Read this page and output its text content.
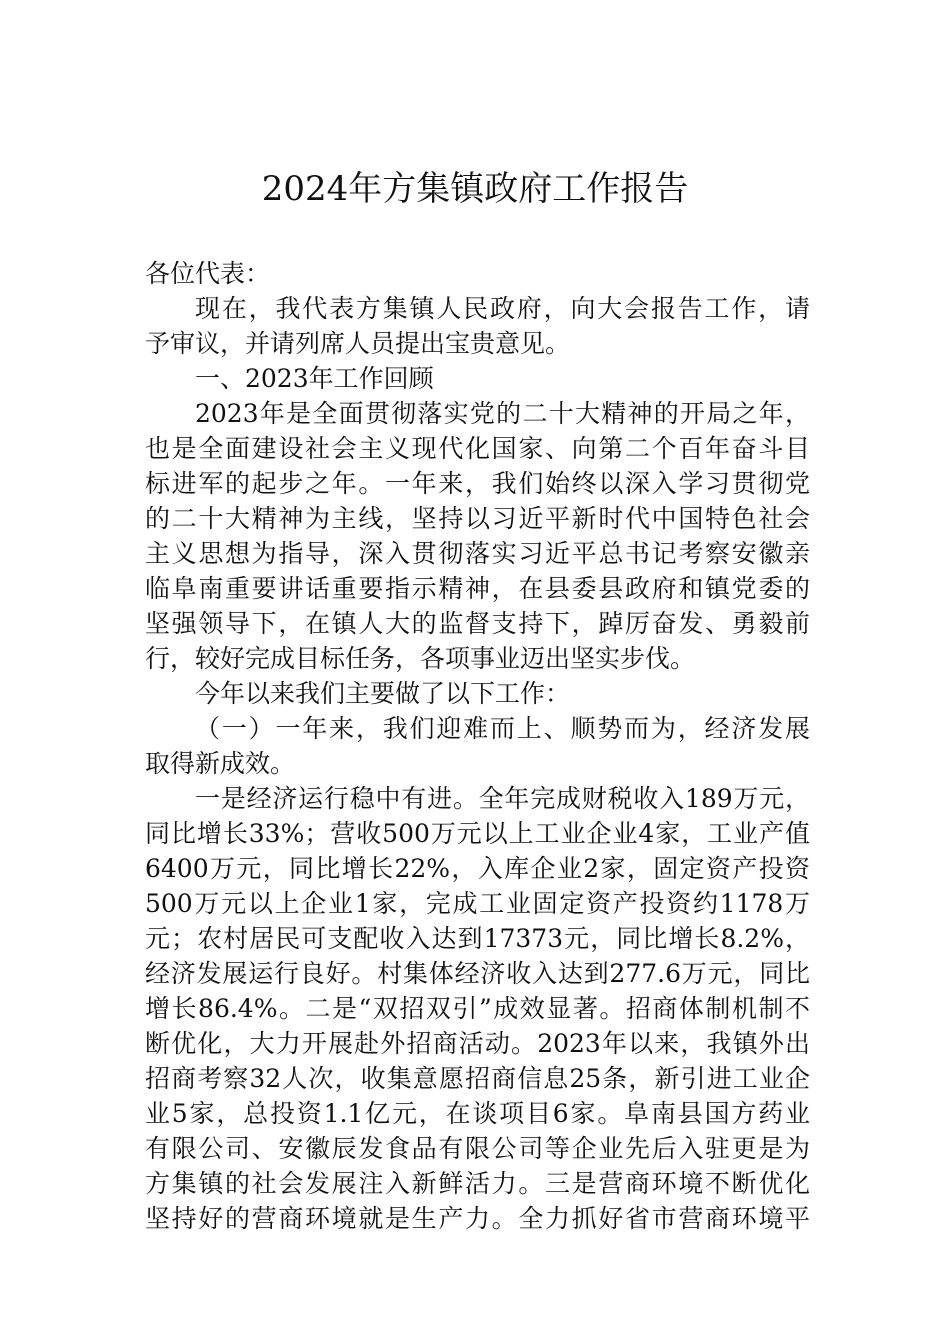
2024年方集镇政府工作报告
各位代表：
现在，我代表方集镇人民政府，向大会报告工作，请
予审议，并请列席人员提出宝贵意见。
一、2023年工作回顾
2023年是全面贯彻落实党的二十大精神的开局之年，
也是全面建设社会主义现代化国家、向第二个百年奋斗目
标进军的起步之年。一年来，我们始终以深入学习贯彻党
的二十大精神为主线，坚持以习近平新时代中国特色社会
主义思想为指导，深入贯彻落实习近平总书记考察安徽亲
临阜南重要讲话重要指示精神，在县委县政府和镇党委的
坚强领导下，在镇人大的监督支持下，踔厉奋发、勇毅前
行，较好完成目标任务，各项事业迈出坚实步伐。
今年以来我们主要做了以下工作：
（一）一年来，我们迎难而上、顺势而为，经济发展
取得新成效。
一是经济运行稳中有进。全年完成财税收入189万元，
同比增长33%；营收500万元以上工业企业4家，工业产值
6400万元，同比增长22%，入库企业2家，固定资产投资
500万元以上企业1家，完成工业固定资产投资约1178万
元；农村居民可支配收入达到17373元，同比增长8.2%，
经济发展运行良好。村集体经济收入达到277.6万元，同比
增长86.4%。二是“双招双引”成效显著。招商体制机制不
断优化，大力开展赴外招商活动。2023年以来，我镇外出
招商考察32人次，收集意愿招商信息25条，新引进工业企
业5家，总投资1.1亿元，在谈项目6家。阜南县国方药业
有限公司、安徽辰发食品有限公司等企业先后入驻更是为
方集镇的社会发展注入新鲜活力。三是营商环境不断优化
坚持好的营商环境就是生产力。全力抓好省市营商环境平
